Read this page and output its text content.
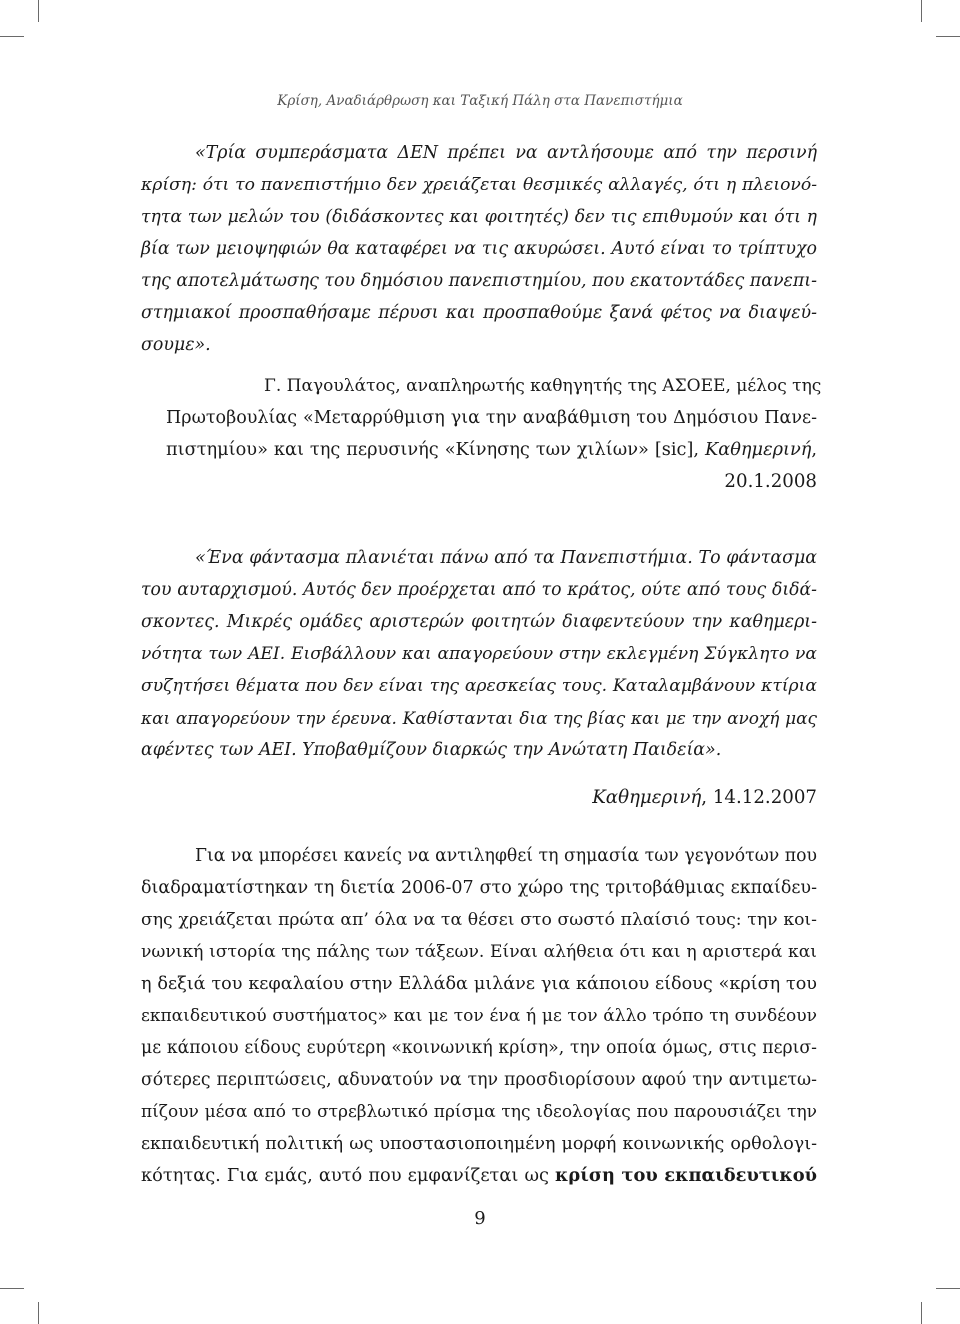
Κρίση, Αναδιάρθρωση και Ταξική Πάλη στα Πανεπιστήμια
«Τρία συμπεράσματα ΔΕΝ πρέπει να αντλήσουμε από την περσινή
κρίση: ότι το πανεπιστήμιο δεν χρειάζεται θεσμικές αλλαγές, ότι η πλειονό-
τητα των μελών του (διδάσκοντες και φοιτητές) δεν τις επιθυμούν και ότι η
βία των μειοψηφιών θα καταφέρει να τις ακυρώσει. Αυτό είναι το τρίπτυχο
της αποτελμάτωσης του δημόσιου πανεπιστημίου, που εκατοντάδες πανεπι-
στημιακοί προσπαθήσαμε πέρυσι και προσπαθούμε ξανά φέτος να διαψεύ-
σουμε».
Γ. Παγουλάτος, αναπληρωτής καθηγητής της ΑΣΟΕΕ, μέλος της
Πρωτοβουλίας «Μεταρρύθμιση για την αναβάθμιση του Δημόσιου Πανε-
πιστημίου» και της περυσινής «Κίνησης των χιλίων» [sic], Καθημερινή,
20.1.2008
«Ένα φάντασμα πλανιέται πάνω από τα Πανεπιστήμια. Το φάντασμα
του αυταρχισμού. Αυτός δεν προέρχεται από το κράτος, ούτε από τους διδά-
σκοντες. Μικρές ομάδες αριστερών φοιτητών διαφεντεύουν την καθημερι-
νότητα των ΑΕΙ. Εισβάλλουν και απαγορεύουν στην εκλεγμένη Σύγκλητο να
συζητήσει θέματα που δεν είναι της αρεσκείας τους. Καταλαμβάνουν κτίρια
και απαγορεύουν την έρευνα. Καθίστανται δια της βίας και με την ανοχή μας
αφέντες των ΑΕΙ. Υποβαθμίζουν διαρκώς την Ανώτατη Παιδεία».
Καθημερινή, 14.12.2007
Για να μπορέσει κανείς να αντιληφθεί τη σημασία των γεγονότων που
διαδραματίστηκαν τη διετία 2006-07 στο χώρο της τριτοβάθμιας εκπαίδευ-
σης χρειάζεται πρώτα απ’ όλα να τα θέσει στο σωστό πλαίσιό τους: την κοι-
νωνική ιστορία της πάλης των τάξεων. Είναι αλήθεια ότι και η αριστερά και
η δεξιά του κεφαλαίου στην Ελλάδα μιλάνε για κάποιου είδους «κρίση του
εκπαιδευτικού συστήματος» και με τον ένα ή με τον άλλο τρόπο τη συνδέουν
με κάποιου είδους ευρύτερη «κοινωνική κρίση», την οποία όμως, στις περισ-
σότερες περιπτώσεις, αδυνατούν να την προσδιορίσουν αφού την αντιμετω-
πίζουν μέσα από το στρεβλωτικό πρίσμα της ιδεολογίας που παρουσιάζει την
εκπαιδευτική πολιτική ως υποστασιοποιημένη μορφή κοινωνικής ορθολογι-
κότητας. Για εμάς, αυτό που εμφανίζεται ως κρίση του εκπαιδευτικού
9
